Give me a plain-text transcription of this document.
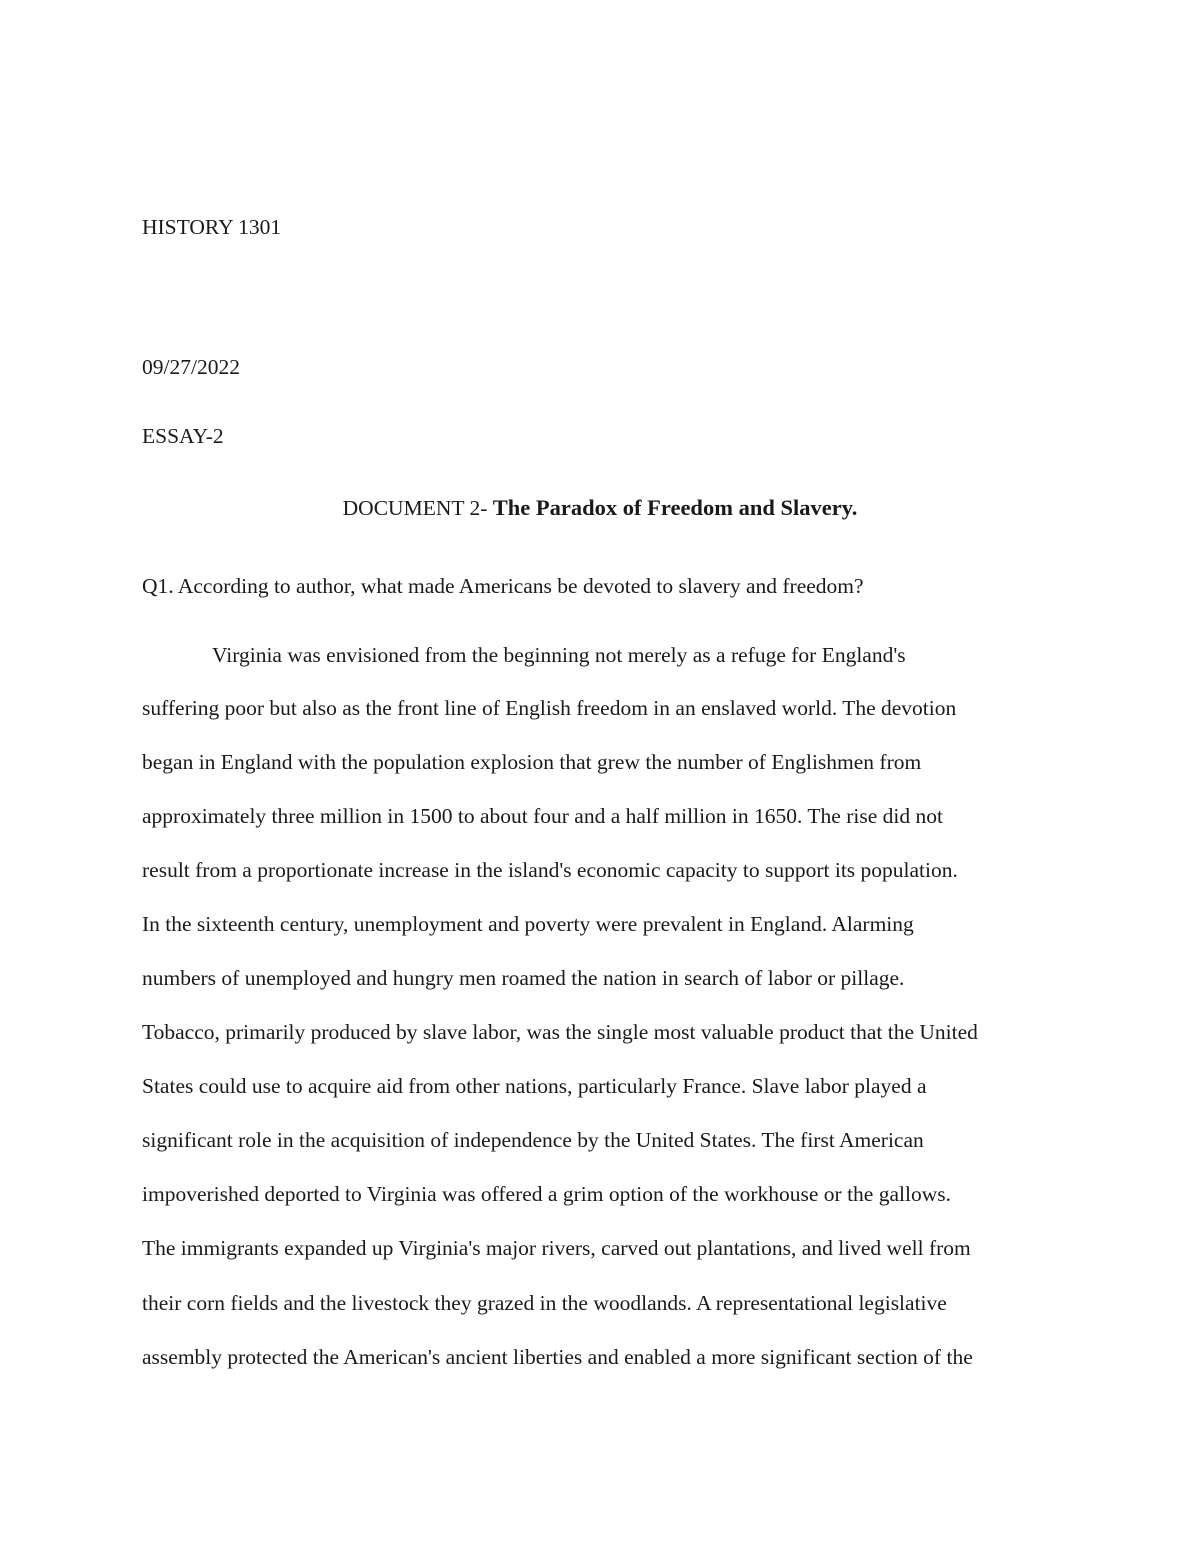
HISTORY 1301
09/27/2022
ESSAY-2
DOCUMENT 2- The Paradox of Freedom and Slavery.
Q1. According to author, what made Americans be devoted to slavery and freedom?
Virginia was envisioned from the beginning not merely as a refuge for England's
suffering poor but also as the front line of English freedom in an enslaved world. The devotion
began in England with the population explosion that grew the number of Englishmen from
approximately three million in 1500 to about four and a half million in 1650. The rise did not
result from a proportionate increase in the island's economic capacity to support its population.
In the sixteenth century, unemployment and poverty were prevalent in England. Alarming
numbers of unemployed and hungry men roamed the nation in search of labor or pillage.
Tobacco, primarily produced by slave labor, was the single most valuable product that the United
States could use to acquire aid from other nations, particularly France. Slave labor played a
significant role in the acquisition of independence by the United States. The first American
impoverished deported to Virginia was offered a grim option of the workhouse or the gallows.
The immigrants expanded up Virginia's major rivers, carved out plantations, and lived well from
their corn fields and the livestock they grazed in the woodlands. A representational legislative
assembly protected the American's ancient liberties and enabled a more significant section of the
